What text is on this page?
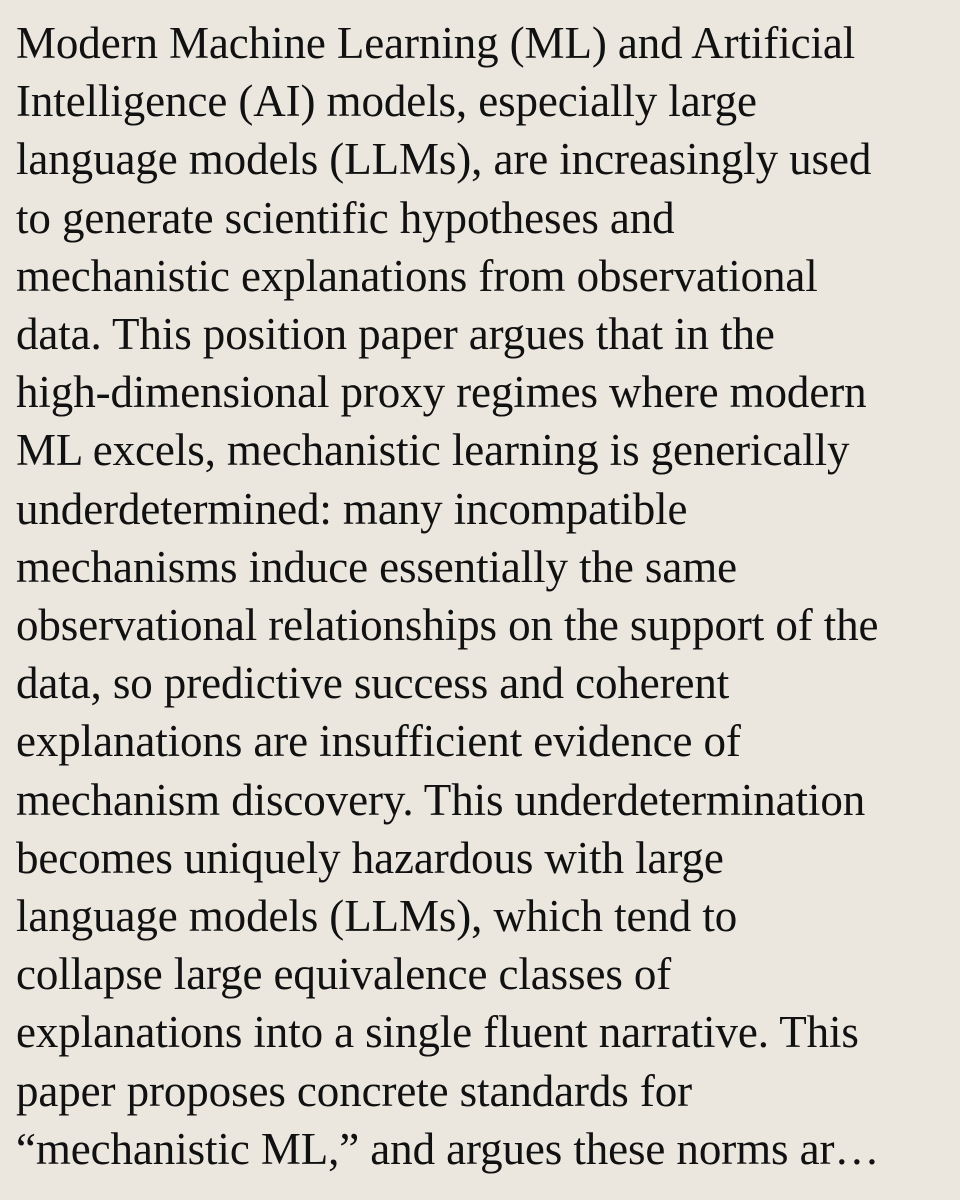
Modern Machine Learning (ML) and Artificial
Intelligence (AI) models, especially large
language models (LLMs), are increasingly used
to generate scientific hypotheses and
mechanistic explanations from observational
data. This position paper argues that in the
high-dimensional proxy regimes where modern
ML excels, mechanistic learning is generically
underdetermined: many incompatible
mechanisms induce essentially the same
observational relationships on the support of the
data, so predictive success and coherent
explanations are insufficient evidence of
mechanism discovery. This underdetermination
becomes uniquely hazardous with large
language models (LLMs), which tend to
collapse large equivalence classes of
explanations into a single fluent narrative. This
paper proposes concrete standards for
“mechanistic ML,” and argues these norms ar…
